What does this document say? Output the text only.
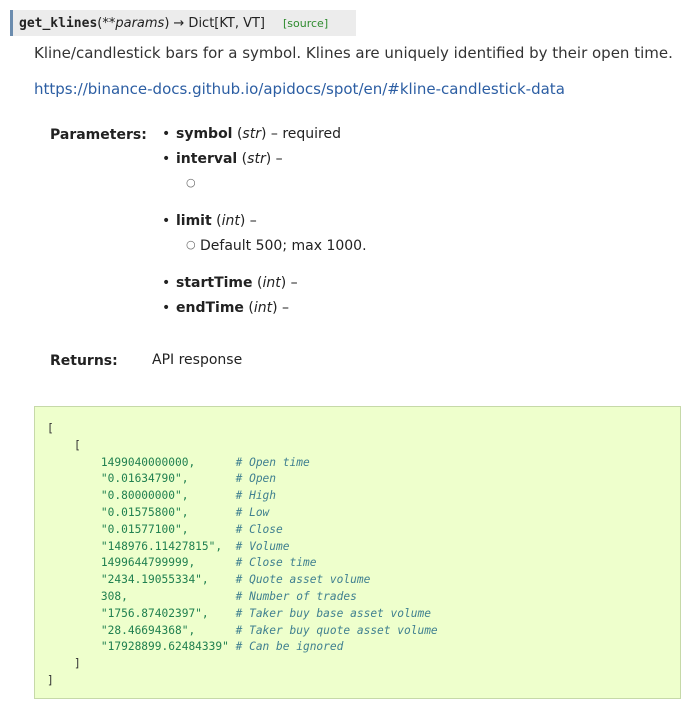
get_klines ( **params ) → Dict[KT, VT] [source]
Kline/candlestick bars for a symbol. Klines are uniquely identified by their open time.
https://binance-docs.github.io/apidocs/spot/en/#kline-candlestick-data
Parameters: • symbol (str) – required
• interval (str) –
○
• limit (int) –
○ Default 500; max 1000.
• startTime (int) –
• endTime (int) –
Returns: API response
[
[
1499040000000,      # Open time
"0.01634790",       # Open
"0.80000000",       # High
"0.01575800",       # Low
"0.01577100",       # Close
"148976.11427815",  # Volume
1499644799999,      # Close time
"2434.19055334",    # Quote asset volume
308,                # Number of trades
"1756.87402397",    # Taker buy base asset volume
"28.46694368",      # Taker buy quote asset volume
"17928899.62484339" # Can be ignored
]
]
